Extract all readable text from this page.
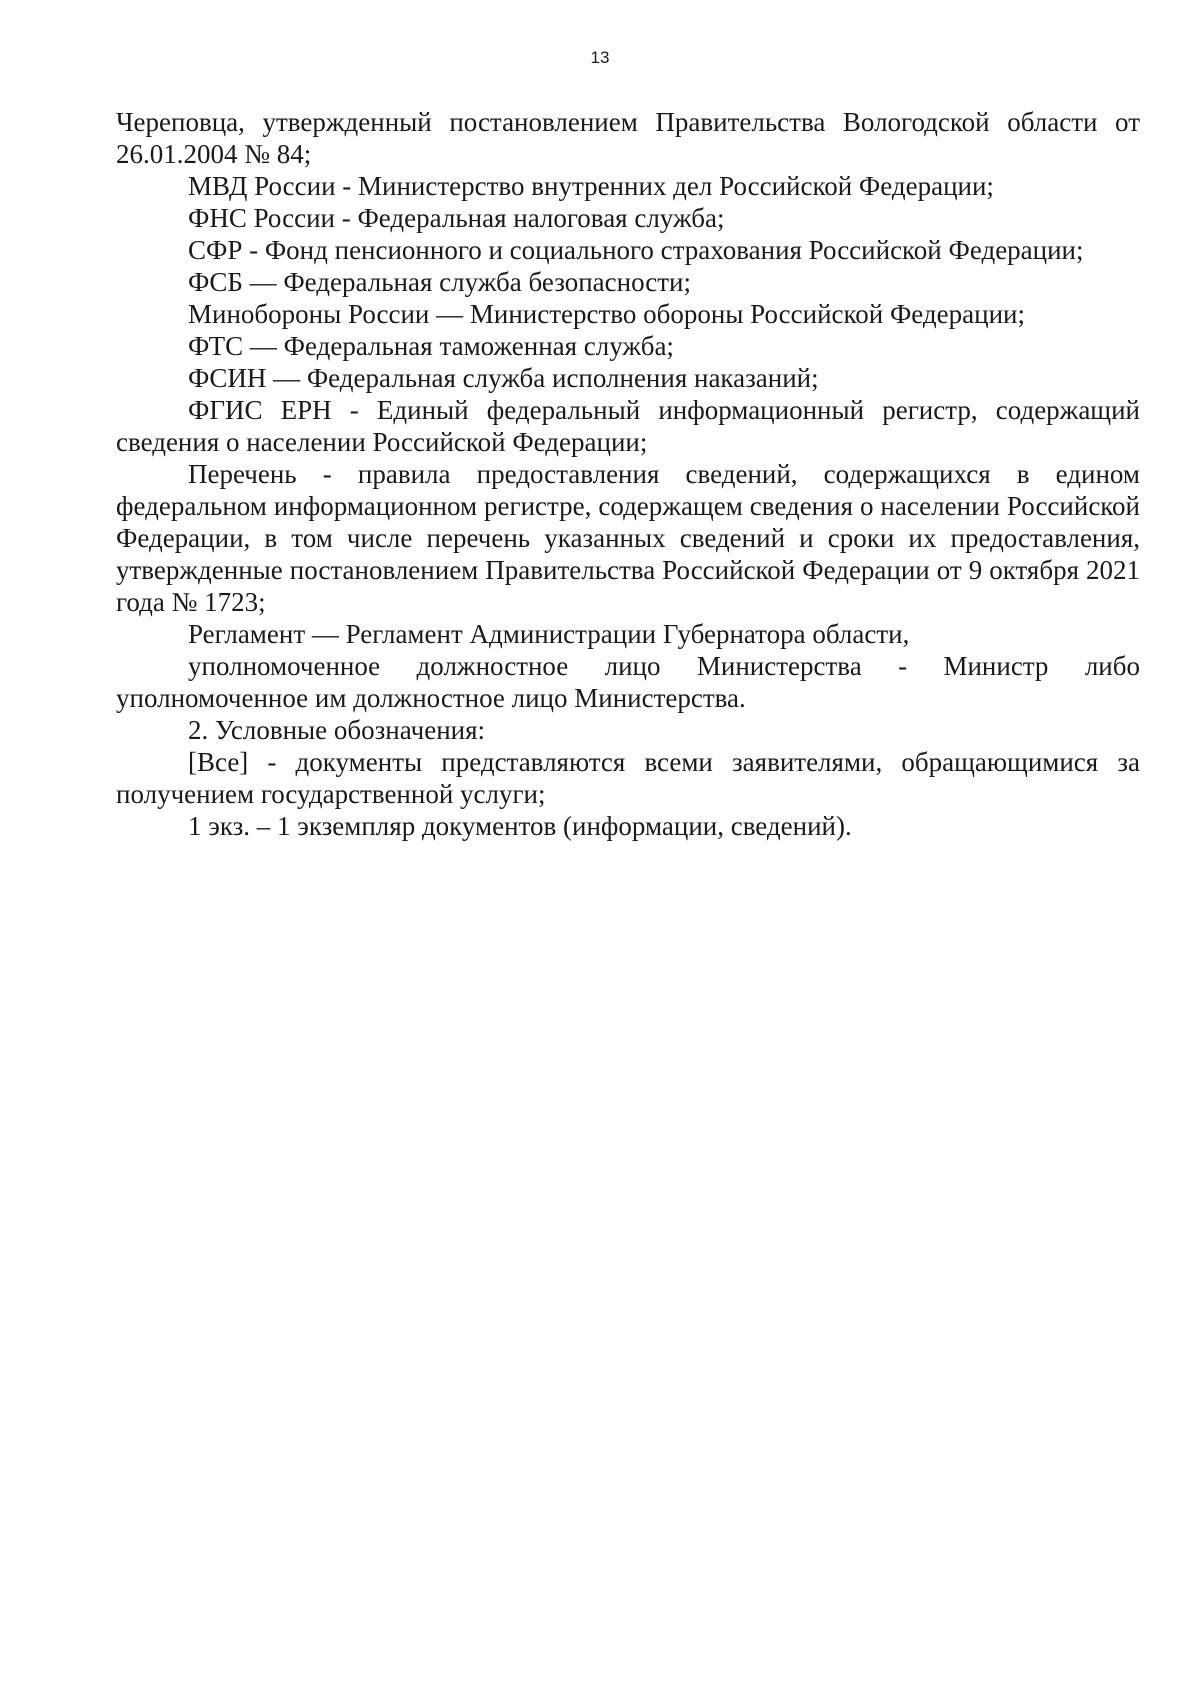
13

Череповца, утвержденный постановлением Правительства Вологодской области от 26.01.2004 № 84;

МВД России - Министерство внутренних дел Российской Федерации;

ФНС России - Федеральная налоговая служба;

СФР - Фонд пенсионного и социального страхования Российской Федерации;

ФСБ — Федеральная служба безопасности;

Минобороны России — Министерство обороны Российской Федерации;

ФТС — Федеральная таможенная служба;

ФСИН — Федеральная служба исполнения наказаний;

ФГИС ЕРН - Единый федеральный информационный регистр, содержащий сведения о населении Российской Федерации;

Перечень - правила предоставления сведений, содержащихся в едином федеральном информационном регистре, содержащем сведения о населении Российской Федерации, в том числе перечень указанных сведений и сроки их предоставления, утвержденные постановлением Правительства Российской Федерации от 9 октября 2021 года № 1723;

Регламент — Регламент Администрации Губернатора области,

уполномоченное должностное лицо Министерства - Министр либо уполномоченное им должностное лицо Министерства.

2. Условные обозначения:

[Все] - документы представляются всеми заявителями, обращающимися за получением государственной услуги;

1 экз. – 1 экземпляр документов (информации, сведений).
